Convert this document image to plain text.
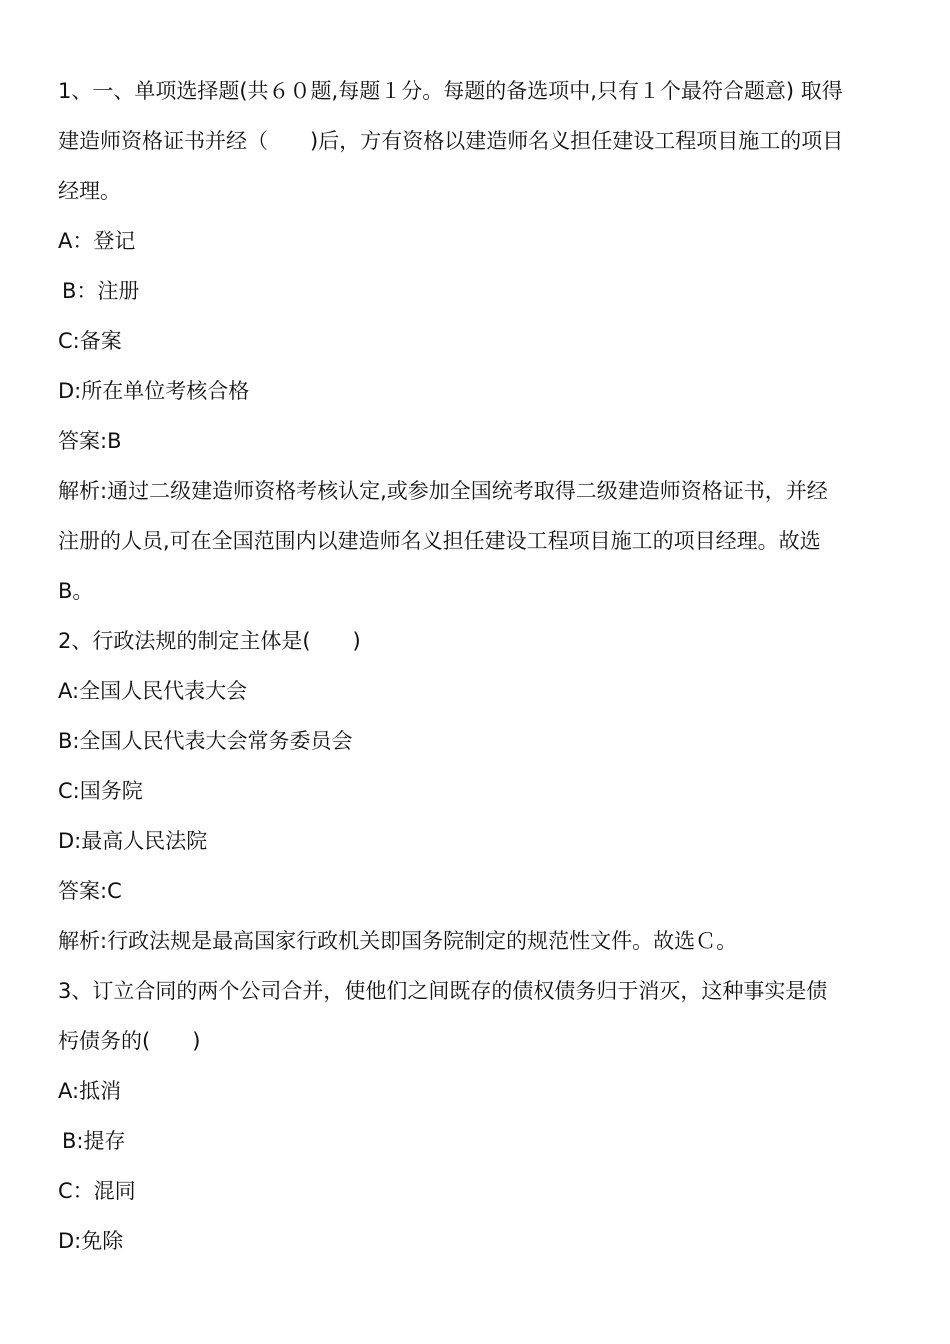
1、一、单项选择题(共６０题,每题１分。每题的备选项中,只有１个最符合题意) 取得
建造师资格证书并经（　　)后，方有资格以建造师名义担任建设工程项目施工的项目
经理。
A：登记
B：注册
C:备案
D:所在单位考核合格
答案:B
解析:通过二级建造师资格考核认定,或参加全国统考取得二级建造师资格证书，并经
注册的人员,可在全国范围内以建造师名义担任建设工程项目施工的项目经理。故选
B。
2、行政法规的制定主体是(　　)
A:全国人民代表大会
B:全国人民代表大会常务委员会
C:国务院
D:最高人民法院
答案:C
解析:行政法规是最高国家行政机关即国务院制定的规范性文件。故选Ｃ。
3、订立合同的两个公司合并，使他们之间既存的债权债务归于消灭，这种事实是债
杇债务的(　　)
A:抵消
B:提存
C：混同
D:免除
